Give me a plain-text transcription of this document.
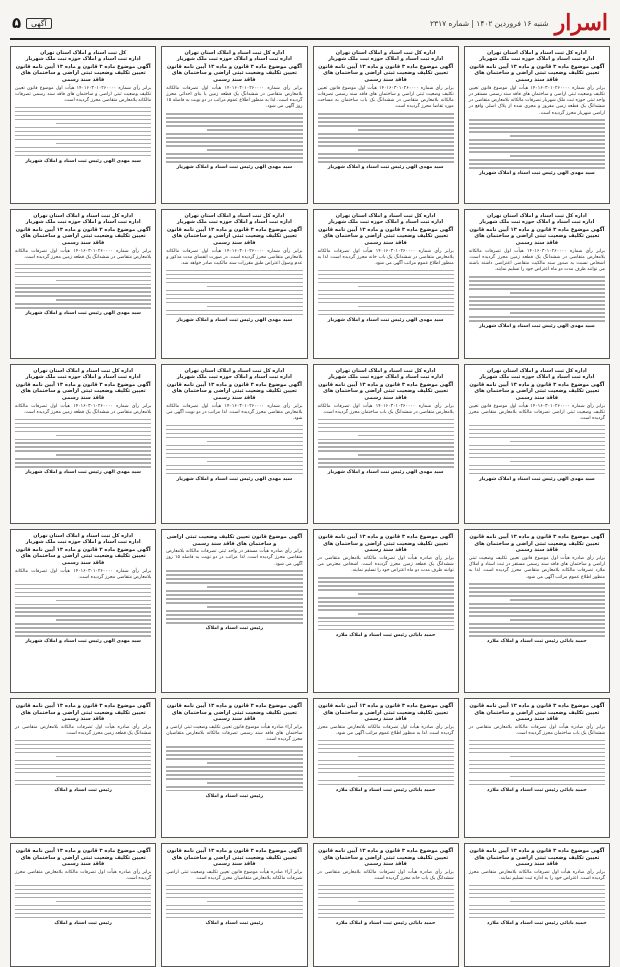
اسرار
شنبه ۱۶ فروردین ۱۴۰۲ | شماره ۲۳۱۷
آگهی
۵
اداره کل ثبت اسناد و املاک استان تهران
اداره ثبت اسناد و املاک حوزه ثبت ملک شهریار
آگهی موضوع ماده ۳ قانون و ماده ۱۳ آیین نامه قانون تعیین تکلیف وضعیت ثبتی اراضی و ساختمان های فاقد سند رسمی
برابر رأی شماره ۱۴۰۱۶۰۳۰۱۰۲۶۰۰۰۰ هیأت اول موضوع قانون تعیین تکلیف وضعیت ثبتی اراضی و ساختمان های فاقد سند رسمی مستقر در واحد ثبتی حوزه ثبت ملک شهریار تصرفات مالکانه بلامعارض متقاضی در ششدانگ یک قطعه زمین مفروز و مجزی شده از پلاک اصلی واقع در اراضی شهریار محرز گردیده است.
سید مهدی الهی رئیس ثبت اسناد و املاک شهریار
اداره کل ثبت اسناد و املاک استان تهران
اداره ثبت اسناد و املاک حوزه ثبت ملک شهریار
آگهی موضوع ماده ۳ قانون و ماده ۱۳ آیین نامه قانون تعیین تکلیف وضعیت ثبتی اراضی و ساختمان های فاقد سند رسمی
برابر رأی شماره ۱۴۰۱۶۰۳۰۱۰۲۶۰۰۰۰ هیأت اول موضوع قانون تعیین تکلیف وضعیت ثبتی اراضی و ساختمان های فاقد سند رسمی تصرفات مالکانه بلامعارض متقاضی در ششدانگ یک باب ساختمان به مساحت مورد تقاضا محرز گردیده است.
سید مهدی الهی رئیس ثبت اسناد و املاک شهریار
اداره کل ثبت اسناد و املاک استان تهران
اداره ثبت اسناد و املاک حوزه ثبت ملک شهریار
آگهی موضوع ماده ۳ قانون و ماده ۱۳ آیین نامه قانون تعیین تکلیف وضعیت ثبتی اراضی و ساختمان های فاقد سند رسمی
برابر رأی شماره ۱۴۰۱۶۰۳۰۱۰۲۶۰۰۰۰ هیأت اول تصرفات مالکانه بلامعارض متقاضی در ششدانگ یک قطعه زمین با بنای احداثی محرز گردیده است. لذا به منظور اطلاع عموم مراتب در دو نوبت به فاصله ۱۵ روز آگهی می شود.
سید مهدی الهی رئیس ثبت اسناد و املاک شهریار
کل ثبت اسناد و املاک استان تهران
اداره ثبت اسناد و املاک حوزه ثبت ملک شهریار
آگهی موضوع ماده ۳ قانون و ماده ۱۳ آیین نامه قانون تعیین تکلیف وضعیت ثبتی اراضی و ساختمان های فاقد سند رسمی
برابر رأی شماره ۱۴۰۱۶۰۳۰۱۰۲۶۰۰۰۰ هیأت اول موضوع قانون تعیین تکلیف وضعیت ثبتی اراضی و ساختمان های فاقد سند رسمی تصرفات مالکانه بلامعارض متقاضی محرز گردیده است.
سید مهدی الهی رئیس ثبت اسناد و املاک شهریار
اداره کل ثبت اسناد و املاک استان تهران
اداره ثبت اسناد و املاک حوزه ثبت ملک شهریار
آگهی موضوع ماده ۳ قانون و ماده ۱۳ آیین نامه قانون تعیین تکلیف وضعیت ثبتی اراضی و ساختمان های فاقد سند رسمی
برابر رأی شماره ۱۴۰۱۶۰۳۰۱۰۲۶۰۰۰۰ هیأت اول تصرفات مالکانه بلامعارض متقاضی در ششدانگ یک قطعه زمین محرز گردیده است. اشخاص نسبت به صدور سند مالکیت متقاضی اعتراضی داشته باشند می توانند ظرف مدت دو ماه اعتراض خود را تسلیم نمایند.
سید مهدی الهی رئیس ثبت اسناد و املاک شهریار
اداره کل ثبت اسناد و املاک استان تهران
اداره ثبت اسناد و املاک حوزه ثبت ملک شهریار
آگهی موضوع ماده ۳ قانون و ماده ۱۳ آیین نامه قانون تعیین تکلیف وضعیت ثبتی اراضی و ساختمان های فاقد سند رسمی
برابر رأی شماره ۱۴۰۱۶۰۳۰۱۰۲۶۰۰۰۰ هیأت اول تصرفات مالکانه بلامعارض متقاضی در ششدانگ یک باب خانه محرز گردیده است. لذا به منظور اطلاع عموم مراتب آگهی می شود.
سید مهدی الهی رئیس ثبت اسناد و املاک شهریار
اداره کل ثبت اسناد و املاک استان تهران
اداره ثبت اسناد و املاک حوزه ثبت ملک شهریار
آگهی موضوع ماده ۳ قانون و ماده ۱۳ آیین نامه قانون تعیین تکلیف وضعیت ثبتی اراضی و ساختمان های فاقد سند رسمی
برابر رأی شماره ۱۴۰۱۶۰۳۰۱۰۲۶۰۰۰۰ هیأت اول تصرفات مالکانه بلامعارض متقاضی محرز گردیده است. در صورت انقضای مدت مذکور و عدم وصول اعتراض طبق مقررات سند مالکیت صادر خواهد شد.
سید مهدی الهی رئیس ثبت اسناد و املاک شهریار
اداره کل ثبت اسناد و املاک استان تهران
اداره ثبت اسناد و املاک حوزه ثبت ملک شهریار
آگهی موضوع ماده ۳ قانون و ماده ۱۳ آیین نامه قانون تعیین تکلیف وضعیت ثبتی اراضی و ساختمان های فاقد سند رسمی
برابر رأی شماره ۱۴۰۱۶۰۳۰۱۰۲۶۰۰۰۰ هیأت اول تصرفات مالکانه بلامعارض متقاضی در ششدانگ یک قطعه زمین محرز گردیده است.
سید مهدی الهی رئیس ثبت اسناد و املاک شهریار
اداره کل ثبت اسناد و املاک استان تهران
اداره ثبت اسناد و املاک حوزه ثبت ملک شهریار
آگهی موضوع ماده ۳ قانون و ماده ۱۳ آیین نامه قانون تعیین تکلیف وضعیت ثبتی اراضی و ساختمان های فاقد سند رسمی
برابر رأی شماره ۱۴۰۱۶۰۳۰۱۰۲۶۰۰۰۰ هیأت اول موضوع قانون تعیین تکلیف وضعیت ثبتی اراضی تصرفات مالکانه بلامعارض متقاضی محرز گردیده است.
سید مهدی الهی رئیس ثبت اسناد و املاک شهریار
اداره کل ثبت اسناد و املاک استان تهران
اداره ثبت اسناد و املاک حوزه ثبت ملک شهریار
آگهی موضوع ماده ۳ قانون و ماده ۱۳ آیین نامه قانون تعیین تکلیف وضعیت ثبتی اراضی و ساختمان های فاقد سند رسمی
برابر رأی شماره ۱۴۰۱۶۰۳۰۱۰۲۶۰۰۰۰ هیأت اول تصرفات مالکانه بلامعارض متقاضی در ششدانگ یک باب ساختمان محرز گردیده است.
سید مهدی الهی رئیس ثبت اسناد و املاک شهریار
اداره کل ثبت اسناد و املاک استان تهران
اداره ثبت اسناد و املاک حوزه ثبت ملک شهریار
آگهی موضوع ماده ۳ قانون و ماده ۱۳ آیین نامه قانون تعیین تکلیف وضعیت ثبتی اراضی و ساختمان های فاقد سند رسمی
برابر رأی شماره ۱۴۰۱۶۰۳۰۱۰۲۶۰۰۰۰ هیأت اول تصرفات مالکانه بلامعارض متقاضی محرز گردیده است. لذا مراتب در دو نوبت آگهی می شود.
سید مهدی الهی رئیس ثبت اسناد و املاک شهریار
اداره کل ثبت اسناد و املاک استان تهران
اداره ثبت اسناد و املاک حوزه ثبت ملک شهریار
آگهی موضوع ماده ۳ قانون و ماده ۱۳ آیین نامه قانون تعیین تکلیف وضعیت ثبتی اراضی و ساختمان های فاقد سند رسمی
برابر رأی شماره ۱۴۰۱۶۰۳۰۱۰۲۶۰۰۰۰ هیأت اول تصرفات مالکانه بلامعارض متقاضی در ششدانگ یک قطعه زمین محرز گردیده است.
سید مهدی الهی رئیس ثبت اسناد و املاک شهریار
آگهی موضوع ماده ۳ قانون و ماده ۱۳ آیین نامه قانون تعیین تکلیف وضعیت ثبتی اراضی و ساختمان های فاقد سند رسمی
برابر رأی صادره هیأت اول موضوع قانون تعیین تکلیف وضعیت ثبتی اراضی و ساختمان های فاقد سند رسمی مستقر در ثبت اسناد و املاک ملارد تصرفات مالکانه بلامعارض متقاضی محرز گردیده است. لذا به منظور اطلاع عموم مراتب آگهی می شود.
حمید بابائی رئیس ثبت اسناد و املاک ملارد
آگهی موضوع ماده ۳ قانون و ماده ۱۳ آیین نامه قانون تعیین تکلیف وضعیت ثبتی اراضی و ساختمان های فاقد سند رسمی
برابر رأی صادره هیأت اول تصرفات مالکانه بلامعارض متقاضی در ششدانگ یک قطعه زمین محرز گردیده است. اشخاص معترض می توانند ظرف مدت دو ماه اعتراض خود را تسلیم نمایند.
حمید بابائی رئیس ثبت اسناد و املاک ملارد
آگهی موضوع قانون تعیین تکلیف وضعیت ثبتی اراضی و ساختمان های فاقد سند رسمی
برابر رأی صادره هیأت مستقر در واحد ثبتی تصرفات مالکانه بلامعارض متقاضی محرز گردیده است. لذا مراتب در دو نوبت به فاصله ۱۵ روز آگهی می شود.
رئیس ثبت اسناد و املاک
اداره کل ثبت اسناد و املاک استان تهران
اداره ثبت اسناد و املاک حوزه ثبت ملک شهریار
آگهی موضوع ماده ۳ قانون و ماده ۱۳ آیین نامه قانون تعیین تکلیف وضعیت ثبتی اراضی و ساختمان های فاقد سند رسمی
برابر رأی شماره ۱۴۰۱۶۰۳۰۱۰۲۶۰۰۰۰ هیأت اول تصرفات مالکانه بلامعارض متقاضی محرز گردیده است.
سید مهدی الهی رئیس ثبت اسناد و املاک شهریار
آگهی موضوع ماده ۳ قانون و ماده ۱۳ آیین نامه قانون تعیین تکلیف وضعیت ثبتی اراضی و ساختمان های فاقد سند رسمی
برابر رأی صادره هیأت اول تصرفات مالکانه بلامعارض متقاضی در ششدانگ یک باب ساختمان محرز گردیده است.
حمید بابائی رئیس ثبت اسناد و املاک ملارد
آگهی موضوع ماده ۳ قانون و ماده ۱۳ آیین نامه قانون تعیین تکلیف وضعیت ثبتی اراضی و ساختمان های فاقد سند رسمی
برابر رأی صادره هیأت اول تصرفات مالکانه بلامعارض متقاضی محرز گردیده است. لذا به منظور اطلاع عموم مراتب آگهی می شود.
حمید بابائی رئیس ثبت اسناد و املاک ملارد
آگهی موضوع ماده ۳ قانون و ماده ۱۳ آیین نامه قانون تعیین تکلیف وضعیت ثبتی اراضی و ساختمان های فاقد سند رسمی
برابر آراء صادره هیأت موضوع قانون تعیین تکلیف وضعیت ثبتی اراضی و ساختمان های فاقد سند رسمی تصرفات مالکانه بلامعارض متقاضیان محرز گردیده است.
رئیس ثبت اسناد و املاک
آگهی موضوع ماده ۳ قانون و ماده ۱۳ آیین نامه قانون تعیین تکلیف وضعیت ثبتی اراضی و ساختمان های فاقد سند رسمی
برابر رأی صادره هیأت اول تصرفات مالکانه بلامعارض متقاضی در ششدانگ یک قطعه زمین محرز گردیده است.
رئیس ثبت اسناد و املاک
آگهی موضوع ماده ۳ قانون و ماده ۱۳ آیین نامه قانون تعیین تکلیف وضعیت ثبتی اراضی و ساختمان های فاقد سند رسمی
برابر رأی صادره هیأت اول تصرفات مالکانه بلامعارض متقاضی محرز گردیده است. اعتراض خود را به اداره ثبت تسلیم نمایند.
حمید بابائی رئیس ثبت اسناد و املاک ملارد
آگهی موضوع ماده ۳ قانون و ماده ۱۳ آیین نامه قانون تعیین تکلیف وضعیت ثبتی اراضی و ساختمان های فاقد سند رسمی
برابر رأی صادره هیأت اول تصرفات مالکانه بلامعارض متقاضی در ششدانگ یک باب خانه محرز گردیده است.
حمید بابائی رئیس ثبت اسناد و املاک ملارد
آگهی موضوع ماده ۳ قانون و ماده ۱۳ آیین نامه قانون تعیین تکلیف وضعیت ثبتی اراضی و ساختمان های فاقد سند رسمی
برابر آراء صادره هیأت موضوع قانون تعیین تکلیف وضعیت ثبتی اراضی تصرفات مالکانه بلامعارض متقاضیان محرز گردیده است.
رئیس ثبت اسناد و املاک
آگهی موضوع ماده ۳ قانون و ماده ۱۳ آیین نامه قانون تعیین تکلیف وضعیت ثبتی اراضی و ساختمان های فاقد سند رسمی
برابر رأی صادره هیأت اول تصرفات مالکانه بلامعارض متقاضی محرز گردیده است.
رئیس ثبت اسناد و املاک
